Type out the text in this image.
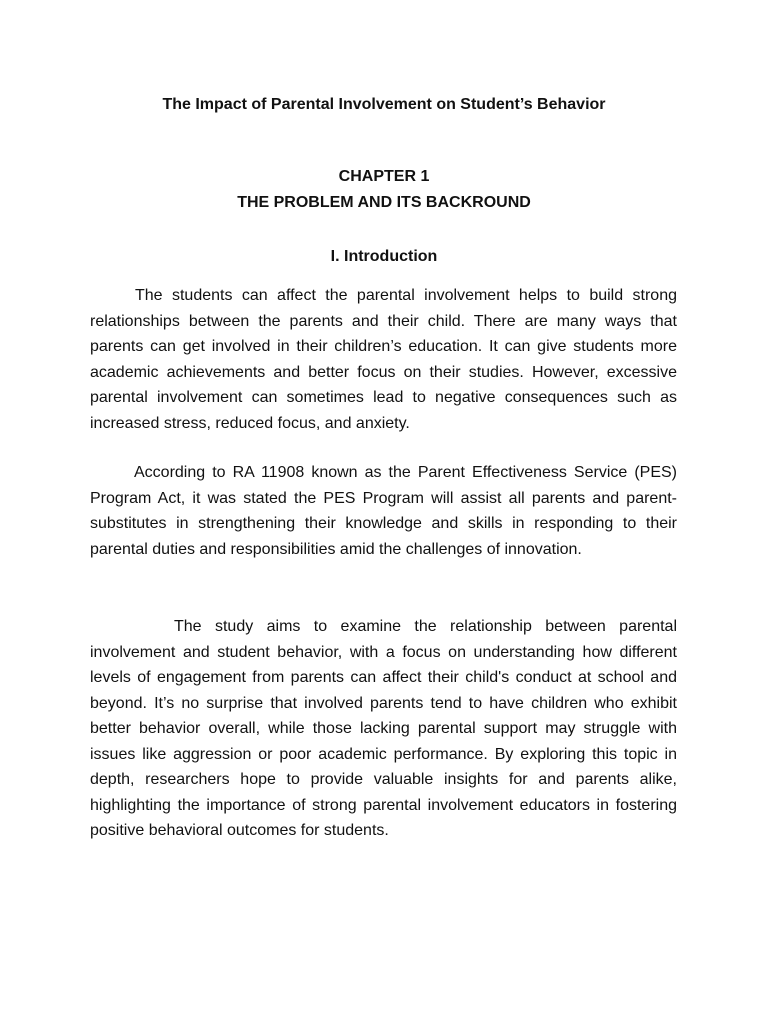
The Impact of Parental Involvement on Student’s Behavior
CHAPTER 1
THE PROBLEM AND ITS BACKROUND
I. Introduction

The students can affect the parental involvement helps to build strong relationships between the parents and their child. There are many ways that parents can get involved in their children’s education. It can give students more academic achievements and better focus on their studies. However, excessive parental involvement can sometimes lead to negative consequences such as increased stress, reduced focus, and anxiety.

According to RA 11908 known as the Parent Effectiveness Service (PES) Program Act, it was stated the PES Program will assist all parents and parent-substitutes in strengthening their knowledge and skills in responding to their parental duties and responsibilities amid the challenges of innovation.

The study aims to examine the relationship between parental involvement and student behavior, with a focus on understanding how different levels of engagement from parents can affect their child's conduct at school and beyond. It’s no surprise that involved parents tend to have children who exhibit better behavior overall, while those lacking parental support may struggle with issues like aggression or poor academic performance. By exploring this topic in depth, researchers hope to provide valuable insights for and parents alike, highlighting the importance of strong parental involvement educators in fostering positive behavioral outcomes for students.
